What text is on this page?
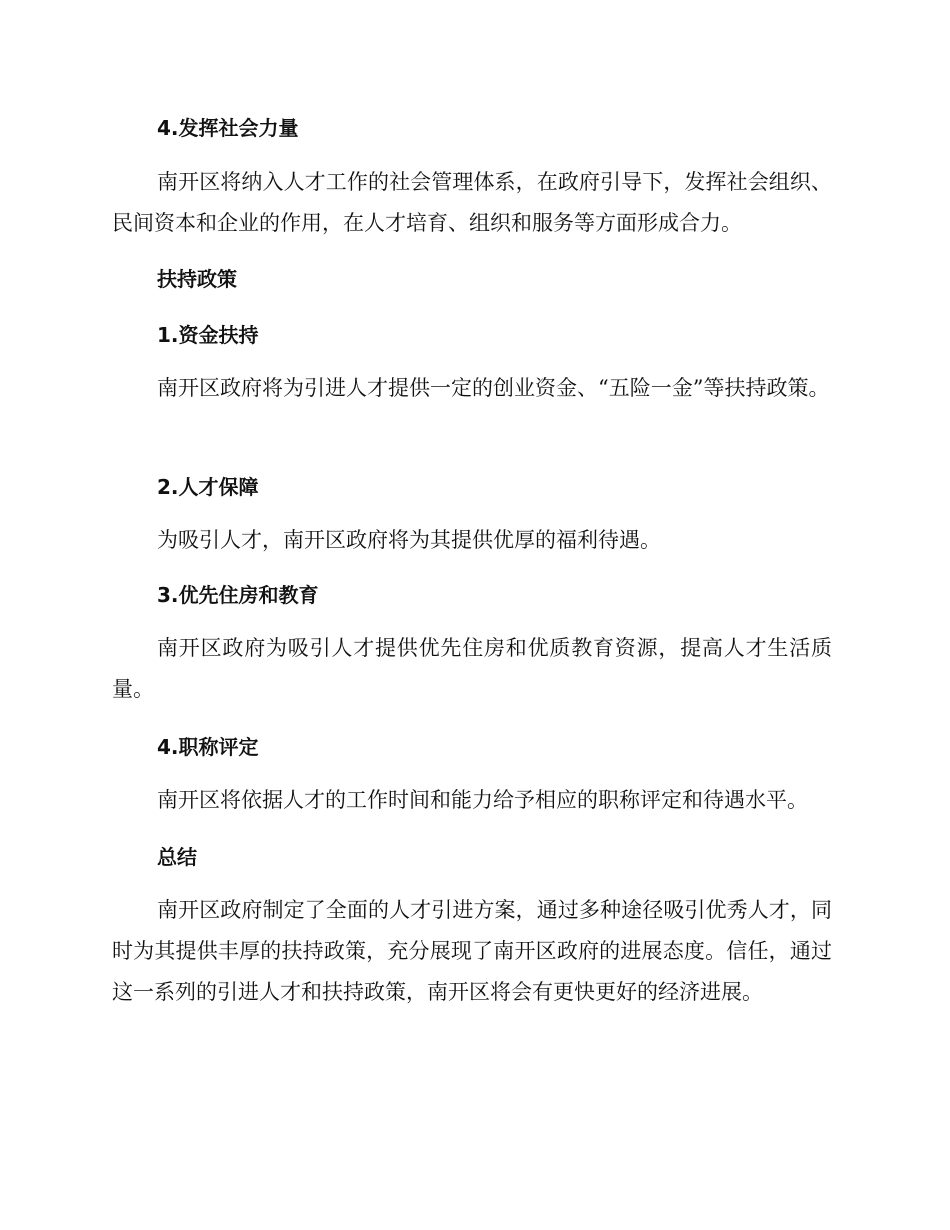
4.发挥社会力量
南开区将纳入人才工作的社会管理体系，在政府引导下，发挥社会组织、民间资本和企业的作用，在人才培育、组织和服务等方面形成合力。
扶持政策
1.资金扶持
南开区政府将为引进人才提供一定的创业资金、“五险一金”等扶持政策。
2.人才保障
为吸引人才，南开区政府将为其提供优厚的福利待遇。
3.优先住房和教育
南开区政府为吸引人才提供优先住房和优质教育资源，提高人才生活质量。
4.职称评定
南开区将依据人才的工作时间和能力给予相应的职称评定和待遇水平。
总结
南开区政府制定了全面的人才引进方案，通过多种途径吸引优秀人才，同时为其提供丰厚的扶持政策，充分展现了南开区政府的进展态度。信任，通过这一系列的引进人才和扶持政策，南开区将会有更快更好的经济进展。
